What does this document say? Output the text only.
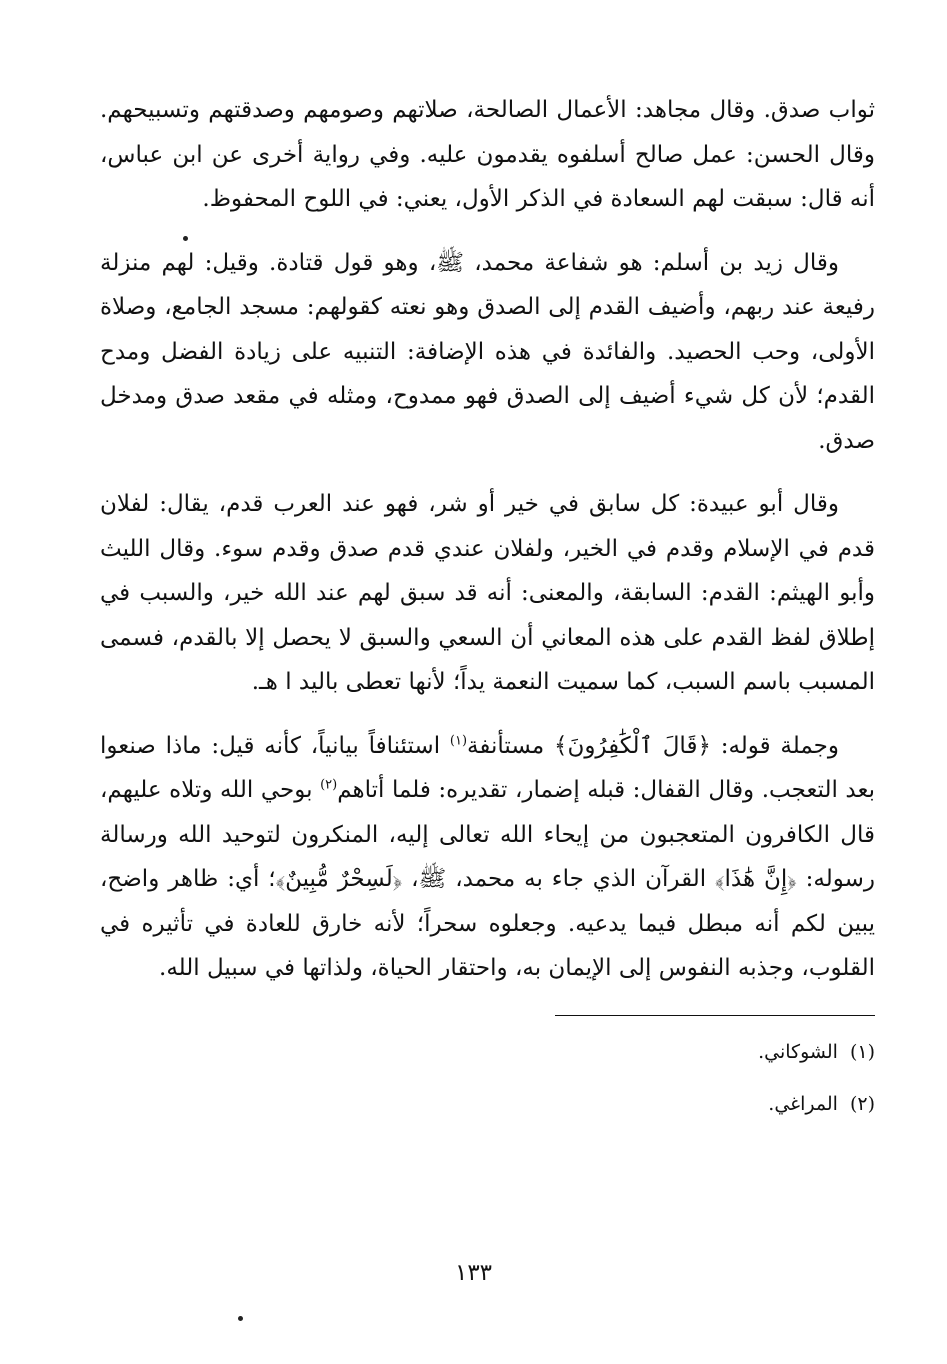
ثواب صدق. وقال مجاهد: الأعمال الصالحة، صلاتهم وصومهم وصدقتهم وتسبيحهم. وقال الحسن: عمل صالح أسلفوه يقدمون عليه. وفي رواية أخرى عن ابن عباس، أنه قال: سبقت لهم السعادة في الذكر الأول، يعني: في اللوح المحفوظ.

وقال زيد بن أسلم: هو شفاعة محمد، ﷺ، وهو قول قتادة. وقيل: لهم منزلة رفيعة عند ربهم، وأضيف القدم إلى الصدق وهو نعته كقولهم: مسجد الجامع، وصلاة الأولى، وحب الحصيد. والفائدة في هذه الإضافة: التنبيه على زيادة الفضل ومدح القدم؛ لأن كل شيء أضيف إلى الصدق فهو ممدوح، ومثله في مقعد صدق ومدخل صدق.

وقال أبو عبيدة: كل سابق في خير أو شر، فهو عند العرب قدم، يقال: لفلان قدم في الإسلام وقدم في الخير، ولفلان عندي قدم صدق وقدم سوء. وقال الليث وأبو الهيثم: القدم: السابقة، والمعنى: أنه قد سبق لهم عند الله خير، والسبب في إطلاق لفظ القدم على هذه المعاني أن السعي والسبق لا يحصل إلا بالقدم، فسمى المسبب باسم السبب، كما سميت النعمة يداً؛ لأنها تعطى باليد ا هـ.

وجملة قوله: ﴿قَالَ ٱلْكَٰفِرُونَ﴾ مستأنفة$^{(١)}$ استئنافاً بيانياً، كأنه قيل: ماذا صنعوا بعد التعجب. وقال القفال: قبله إضمار، تقديره: فلما أتاهم$^{(٢)}$ بوحي الله وتلاه عليهم، قال الكافرون المتعجبون من إيحاء الله تعالى إليه، المنكرون لتوحيد الله ورسالة رسوله: ﴿إِنَّ هَٰذَا﴾ القرآن الذي جاء به محمد، ﷺ، ﴿لَسِحْرٌ مُّبِينٌ﴾؛ أي: ظاهر واضح، يبين لكم أنه مبطل فيما يدعيه. وجعلوه سحراً؛ لأنه خارق للعادة في تأثيره في القلوب، وجذبه النفوس إلى الإيمان به، واحتقار الحياة، ولذاتها في سبيل الله.

(١)الشوكاني.

(٢)المراغي.

١٣٣
